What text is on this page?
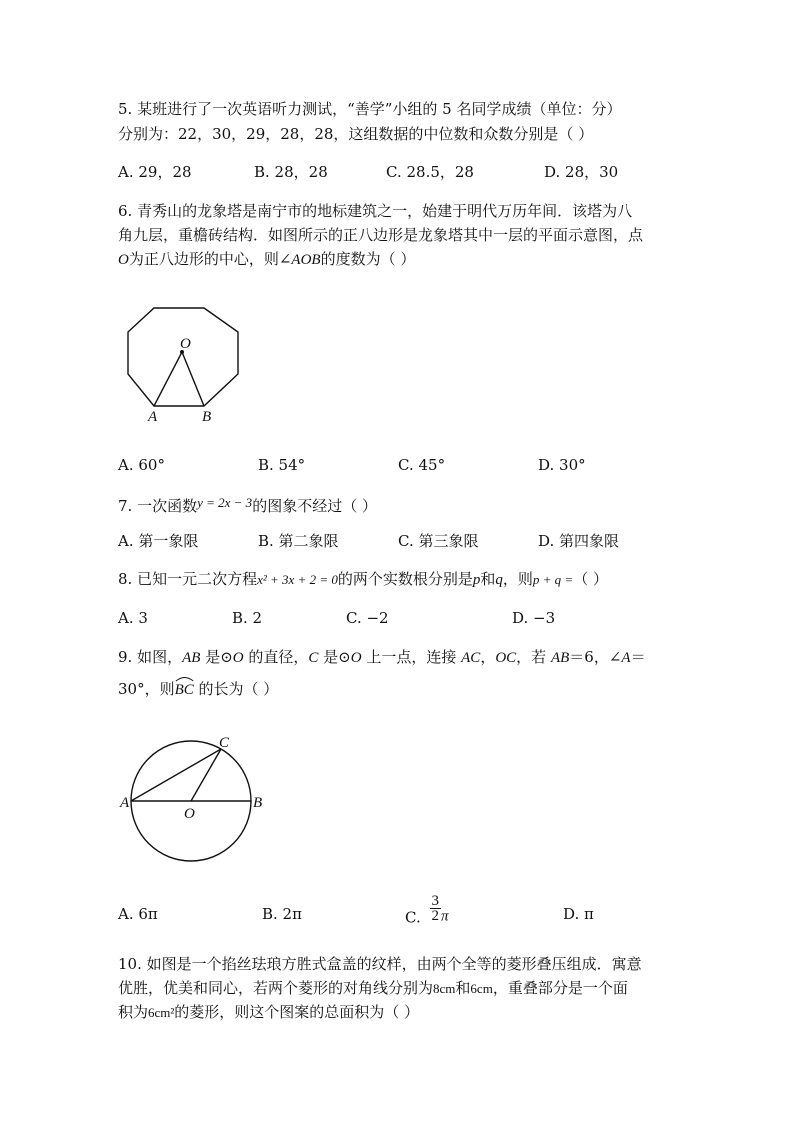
5. 某班进行了一次英语听力测试，“善学”小组的 5 名同学成绩（单位：分）
分别为：22，30，29，28，28，这组数据的中位数和众数分别是（ ）
A. 29，28	B. 28，28	C. 28.5，28	D. 28，30
6. 青秀山的龙象塔是南宁市的地标建筑之一，始建于明代万历年间．该塔为八
角九层，重檐砖结构．如图所示的正八边形是龙象塔其中一层的平面示意图，点
O为正八边形的中心，则∠AOB的度数为（ ）
O
A	B
A. 60°	B. 54°	C. 45°	D. 30°
7. 一次函数y = 2x − 3的图象不经过（ ）
A. 第一象限	B. 第二象限	C. 第三象限	D. 第四象限
8. 已知一元二次方程x² + 3x + 2 = 0的两个实数根分别是p和q，则p + q =（ ）
A. 3	B. 2	C. −2	D. −3
9. 如图，AB 是⊙O 的直径，C 是⊙O 上一点，连接 AC，OC，若 AB＝6，∠A＝
30°，则
BC 的长为（ ）
A	B
C
O
A. 6π	B. 2π	C. $\frac{3}{2}$ π	D. π
10. 如图是一个掐丝珐琅方胜式盒盖的纹样，由两个全等的菱形叠压组成．寓意
优胜，优美和同心，若两个菱形的对角线分别为8cm和6cm，重叠部分是一个面
积为6cm²的菱形，则这个图案的总面积为（ ）
